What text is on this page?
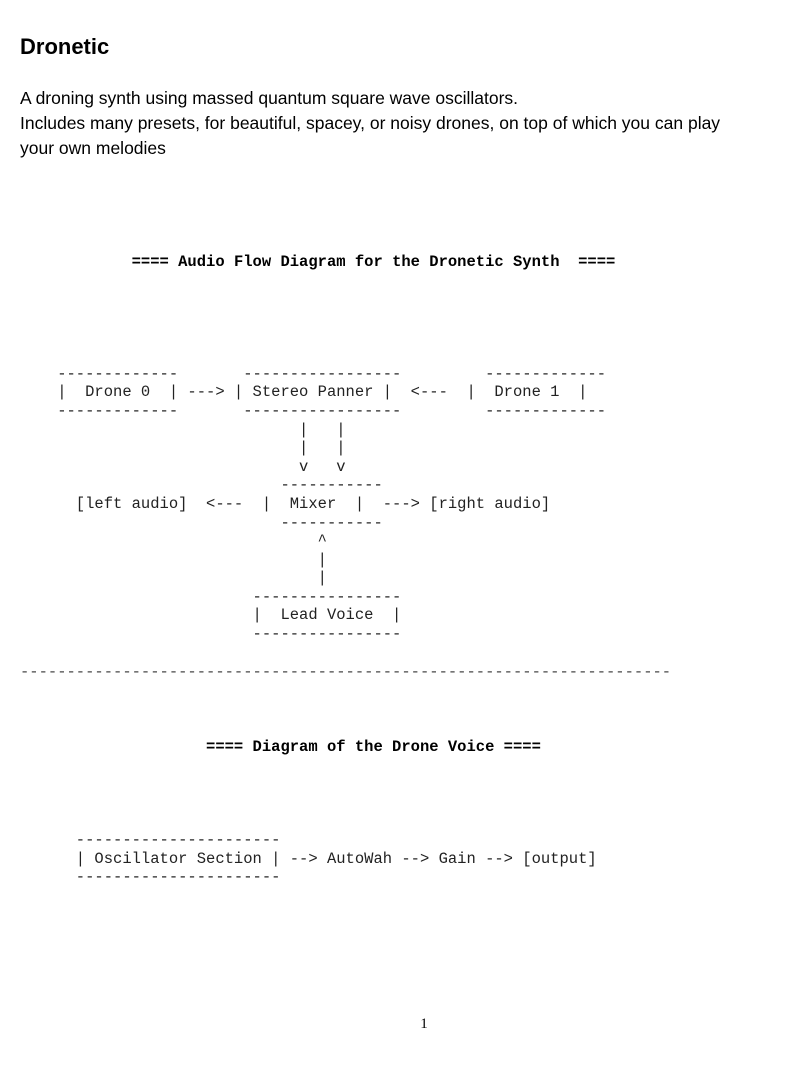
Dronetic
A droning synth using massed quantum square wave oscillators.
Includes many presets, for beautiful, spacey, or noisy drones, on top of which you can play
your own melodies

==== Audio Flow Diagram for the Dronetic Synth  ====

-------------       -----------------         -------------
|  Drone 0  | ---> | Stereo Panner |  <---  |  Drone 1  |
-------------       -----------------         -------------
|   |
|   |
v   v
-----------
[left audio]  <---  |  Mixer  |  ---> [right audio]
-----------
^
|
|
----------------
|  Lead Voice  |
----------------

----------------------------------------------------------------------

==== Diagram of the Drone Voice ====

----------------------
| Oscillator Section | --> AutoWah --> Gain --> [output]
----------------------

1
